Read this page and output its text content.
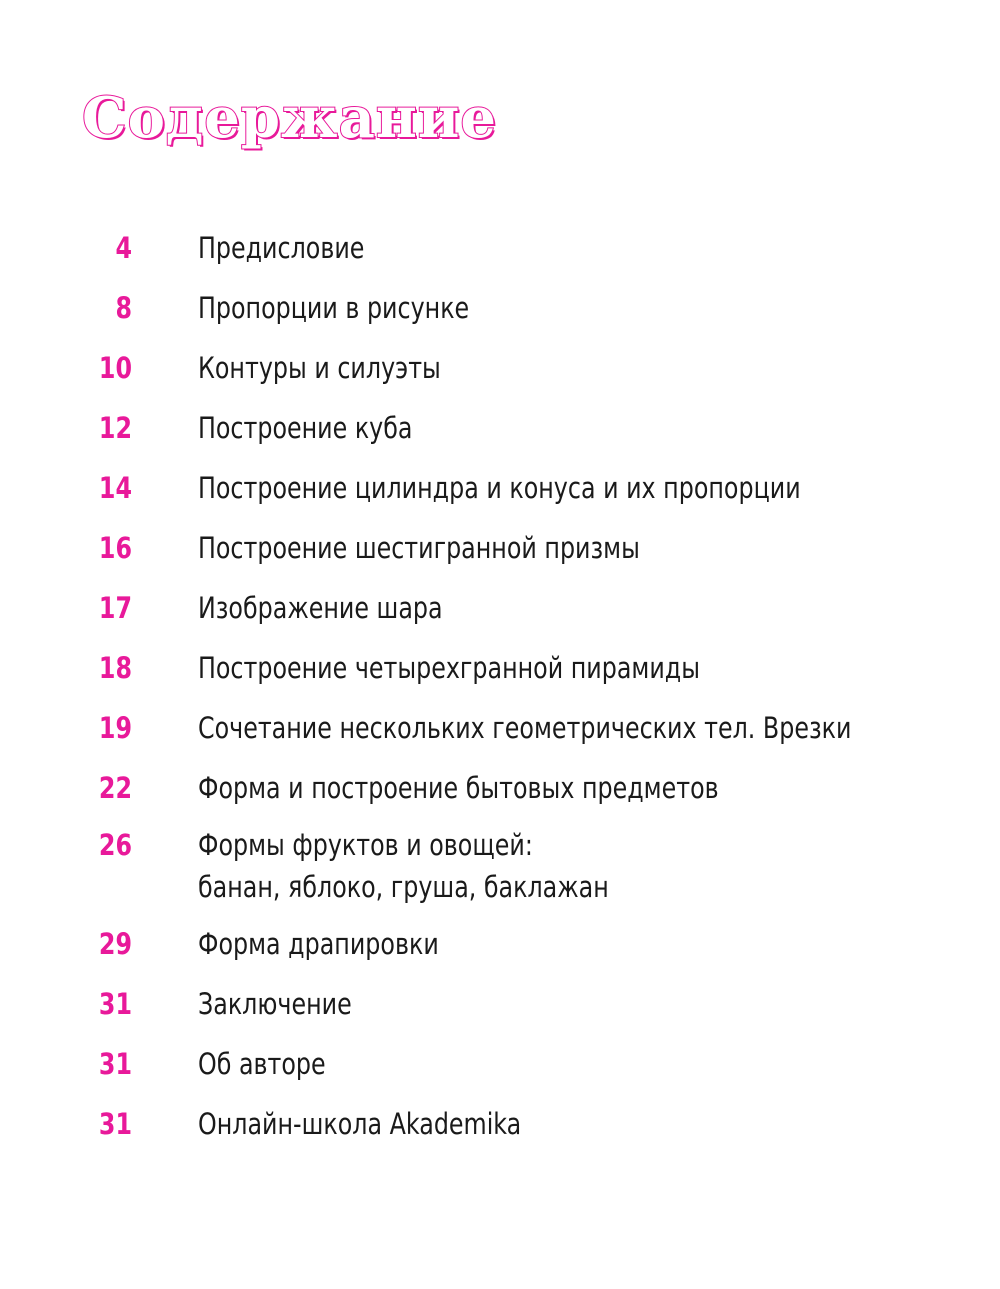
Содержание
4 Предисловие
8 Пропорции в рисунке
10 Контуры и силуэты
12 Построение куба
14 Построение цилиндра и конуса и их пропорции
16 Построение шестигранной призмы
17 Изображение шара
18 Построение четырехгранной пирамиды
19 Сочетание нескольких геометрических тел. Врезки
22 Форма и построение бытовых предметов
26 Формы фруктов и овощей:
банан, яблоко, груша, баклажан
29 Форма драпировки
31 Заключение
31 Об авторе
31 Онлайн-школа Akademika
